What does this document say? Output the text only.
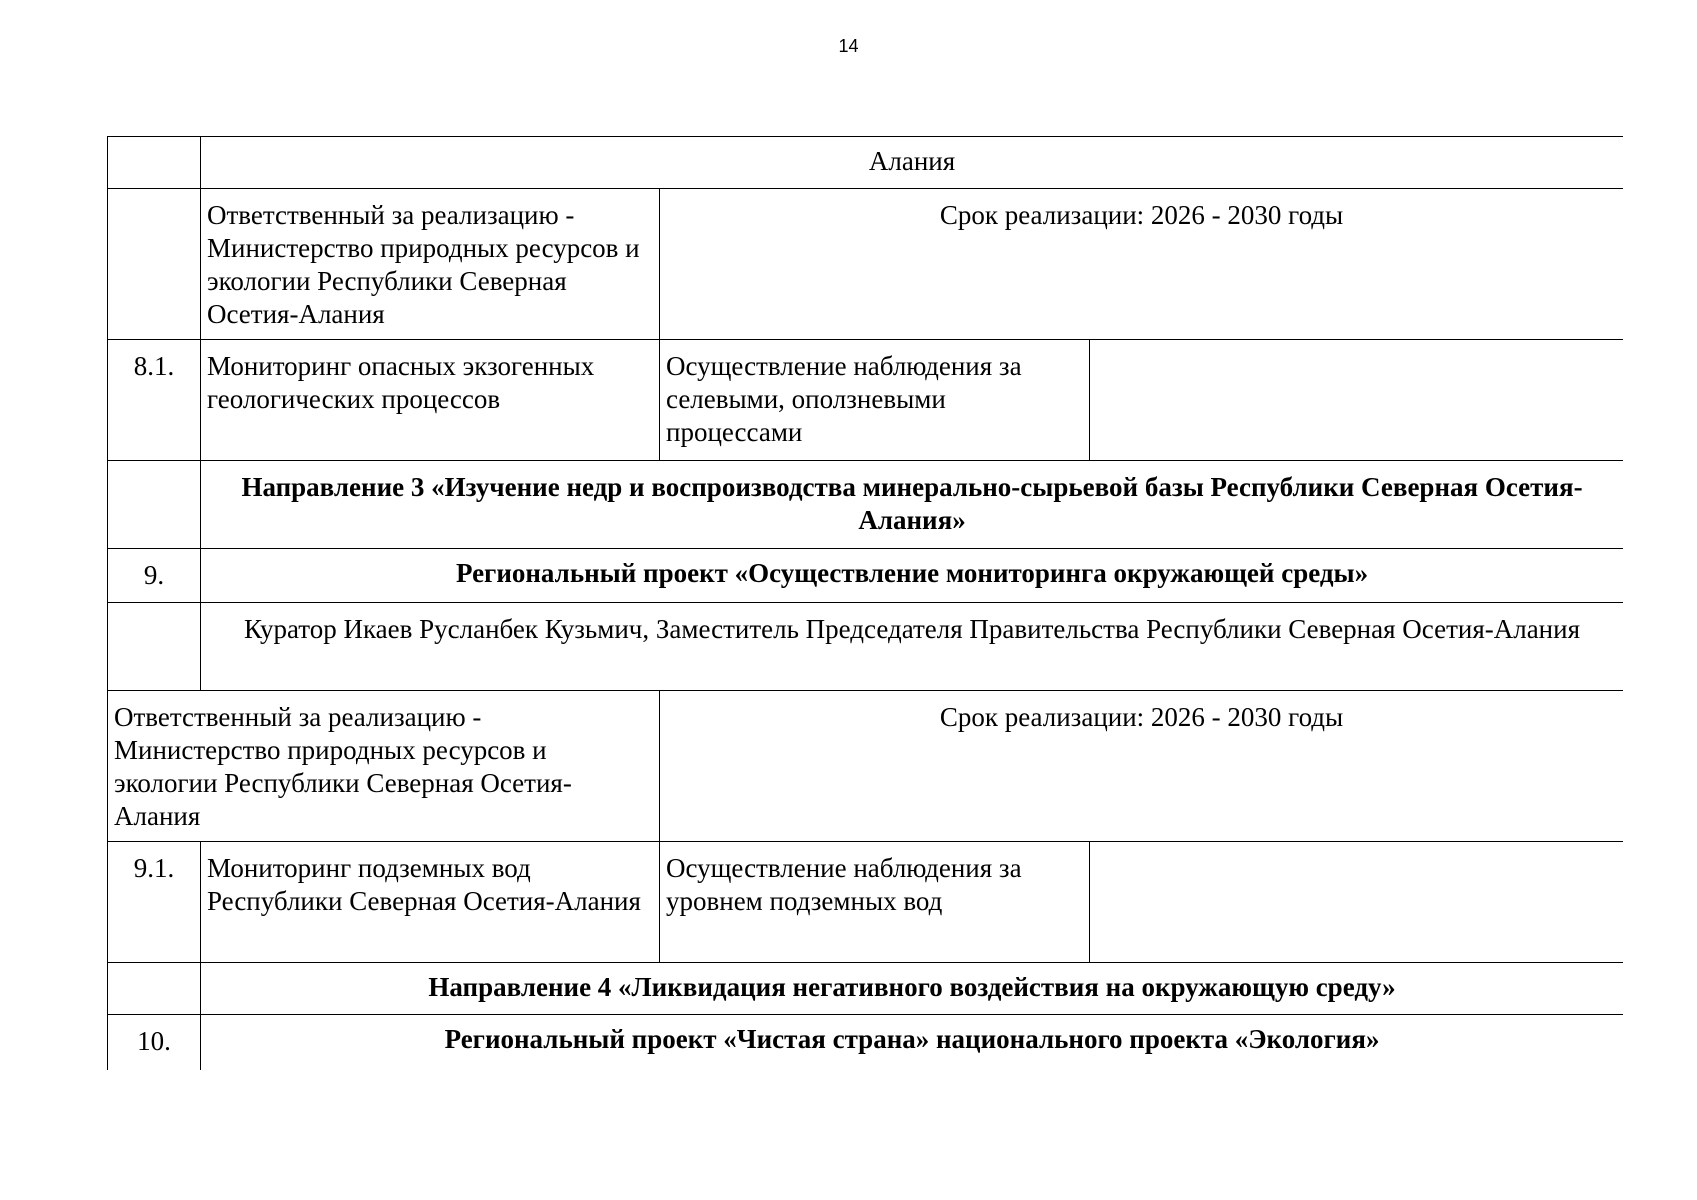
14
	Алания		
	Ответственный за реализацию - Министерство природных ресурсов и экологии Республики Северная Осетия-Алания	Срок реализации: 2026 - 2030 годы	
8.1.	Мониторинг опасных экзогенных геологических процессов	Осуществление наблюдения за селевыми, оползневыми процессами	
	Направление 3 «Изучение недр и воспроизводства минерально-сырьевой базы Республики Северная Осетия-Алания»		
9.	Региональный проект «Осуществление мониторинга окружающей среды»		
	Куратор Икаев Русланбек Кузьмич, Заместитель Председателя Правительства Республики Северная Осетия-Алания		
Ответственный за реализацию - Министерство природных ресурсов и экологии Республики Северная Осетия-Алания		Срок реализации: 2026 - 2030 годы	
9.1.	Мониторинг подземных вод Республики Северная Осетия-Алания	Осуществление наблюдения за уровнем подземных вод	
	Направление 4 «Ликвидация негативного воздействия на окружающую среду»		
10.	Региональный проект «Чистая страна» национального проекта «Экология»		
